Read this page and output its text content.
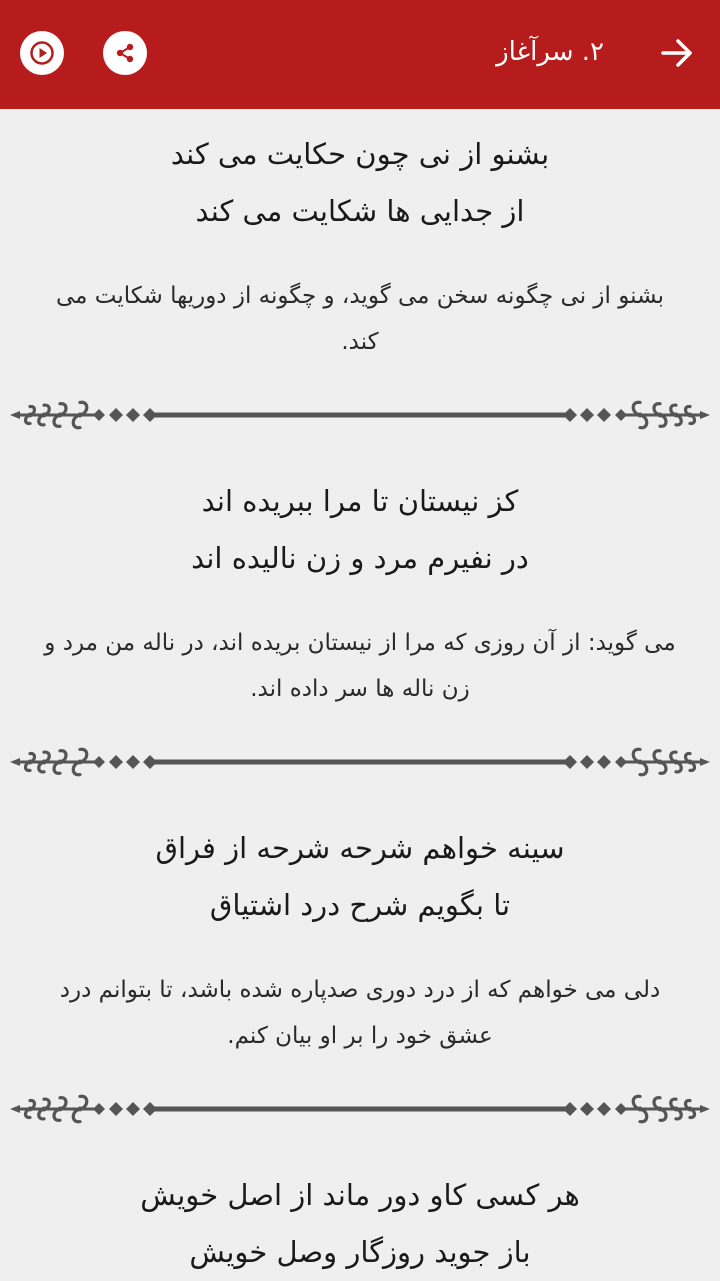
۲. سرآغاز
بشنو از نی چون حکایت می کند
از جدایی ها شکایت می کند
بشنو از نی چگونه سخن می گوید، و چگونه از دوریها شکایت می کند.
کز نیستان تا مرا ببریده اند
در نفیرم مرد و زن نالیده اند
می گوید: از آن روزی که مرا از نیستان بریده اند، در ناله من مرد و زن ناله ها سر داده اند.
سینه خواهم شرحه شرحه از فراق
تا بگویم شرح درد اشتیاق
دلی می خواهم که از درد دوری صدپاره شده باشد، تا بتوانم درد عشق خود را بر او بیان کنم.
هر کسی کاو دور ماند از اصل خویش
باز جوید روزگار وصل خویش
